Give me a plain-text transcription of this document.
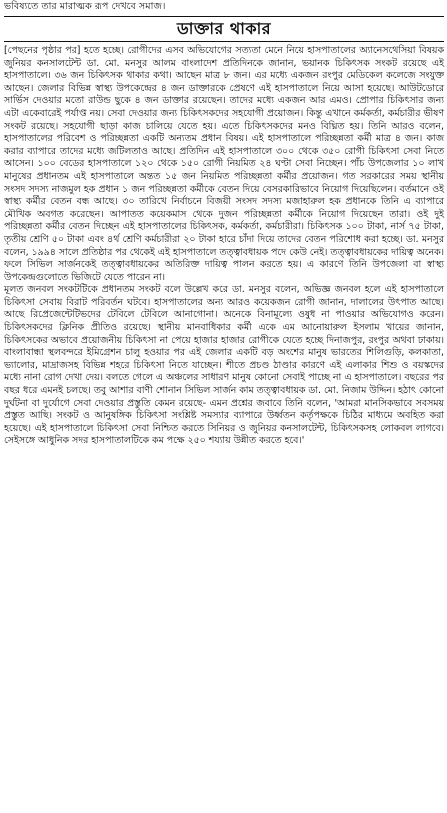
ভবিষ্যতে তার মারাত্মক রূপ দেখবে সমাজ।
ডাক্তার থাকার

[পেছনের পৃষ্ঠার পর] হতে হচ্ছে। রোগীদের এসব অভিযোগের সত্যতা মেনে নিয়ে হাসপাতালের অ্যানেসথেসিয়া বিষয়ক জুনিয়র কনসালটেন্ট ডা. মো. মনসুর আলম বাংলাদেশ প্রতিদিনকে জানান, ভয়ানক চিকিৎসক সংকট রয়েছে এই হাসপাতালে। ৩৬ জন চিকিৎসক থাকার কথা। আছেন মাত্র ৮ জন। এর মধ্যে একজন রংপুর মেডিকেল কলেজে সংযুক্ত আছেন। জেলার বিভিন্ন স্বাস্থ্য উপকেন্দ্রের ৪ জন ডাক্তারকে প্রেষণে এই হাসপাতালে নিয়ে আসা হয়েছে। আউটডোরে সার্ভিস দেওয়ার মতো রাউন্ড ছুকে ৪ জন ডাক্তার রয়েছেন। তাদের মধ্যে একজন আর এমও। প্রোপার চিকিৎসার জন্য এটা একেবারেই পর্যাপ্ত নয়। সেবা দেওয়ার জন্য চিকিৎসকদের সহযোগী প্রয়োজন। কিন্তু এখানে কর্মকর্তা, কর্মচারীর ভীষণ সংকট রয়েছে। সহযোগী ছাড়া কাজ চালিয়ে যেতে হয়। এতে চিকিৎসকদের মনও বিঘ্নিত হয়। তিনি আরও বলেন, হাসপাতালের পরিবেশ ও পরিচ্ছন্নতা একটি অন্যতম প্রধান বিষয়। এই হাসপাতালে পরিচ্ছন্নতা কর্মী মাত্র ৪ জন। কাজ করার ব্যাপারে তাদের মধ্যে জটিলতাও আছে। প্রতিদিন এই হাসপাতালে ৩০০ থেকে ৩৫০ রোগী চিকিৎসা সেবা নিতে আসেন। ১০০ বেডের হাসপাতালে ১২০ থেকে ১৫০ রোগী নিয়মিত ২৪ ঘণ্টা সেবা নিচ্ছেন। পাঁচ উপজেলার ১০ লাখ মানুষের প্রধানতম এই হাসপাতালে অন্তত ১৫ জন নিয়মিত পরিচ্ছন্নতা কর্মীর প্রয়োজন। গত সরকারের সময় স্থানীয় সংসদ সদস্য নাজমুল হক প্রধান ১ জন পরিচ্ছন্নতা কর্মীকে বেতন দিয়ে বেসরকারিভাবে নিয়োগ দিয়েছিলেন। বর্তমানে ওই স্বাস্থ্য কর্মীর বেতন বন্ধ আছে। ৩০ তারিখে নির্বাচনে বিজয়ী সংসদ সদস্য মজাহারুল হক প্রধানকে তিনি এ ব্যাপারে মৌখিক অবগত করেছেন। আপাতত কয়েকমাস থেকে দুজন পরিচ্ছন্নতা কর্মীকে নিয়োগ দিয়েছেন তারা। ওই দুই পরিচ্ছন্নতা কর্মীর বেতন দিচ্ছেন এই হাসপাতালের চিকিৎসক, কর্মকর্তা, কর্মচারীরা। চিকিৎসক ১০০ টাকা, নার্স ৭৫ টাকা, তৃতীয় শ্রেণি ৫০ টাকা এবং ৪র্থ শ্রেণি কর্মচারীরা ২০ টাকা হারে চাঁদা দিয়ে তাদের বেতন পরিশোধ করা হচ্ছে। ডা. মনসুর বলেন, ১৯৯৪ সালে প্রতিষ্ঠার পর থেকেই এই হাসপাতালে তত্ত্বাবধায়ক পদে কেউ নেই। তত্ত্বাবধায়কের দায়িত্ব অনেক। ফলে সিভিল সার্জনকেই তত্ত্বাবধায়কের অতিরিক্ত দায়িত্ব পালন করতে হয়। এ কারণে তিনি উপজেলা বা স্বাস্থ্য উপকেন্দ্রগুলোতে ভিজিটে যেতে পারেন না।

মূলত জনবল সংকটটিকে প্রধানতম সংকট বলে উল্লেখ করে ডা. মনসুর বলেন, অভিজ্ঞ জনবল হলে এই হাসপাতালে চিকিৎসা সেবায় বিরাট পরিবর্তন ঘটবে। হাসপাতালের অন্য আরও কয়েকজন রোগী জানান, দালালের উৎপাত আছে। আছে রিপ্রেজেন্টেটিভদের টেবিলে টেবিলে আনাগোনা। অনেকে বিনামূল্যে ওষুধ না পাওয়ার অভিযোগও করেন। চিকিৎসকদের ক্লিনিক প্রীতিও রয়েছে। স্থানীয় মানবাধিকার কর্মী একে এম আনোয়ারুল ইসলাম খায়ের জানান, চিকিৎসকের অভাবে প্রয়োজনীয় চিকিৎসা না পেয়ে হাজার হাজার রোগীকে যেতে হচ্ছে দিনাজপুর, রংপুর অথবা ঢাকায়। বাংলাবান্ধা স্থলবন্দরে ইমিগ্রেশন চালু হওয়ার পর এই জেলার একটি বড় অংশের মানুষ ভারতের শিলিগুড়ি, কলকাতা, ভ্যালোর, মাদ্রাজসহ বিভিন্ন শহরে চিকিৎসা নিতে যাচ্ছেন। শীতে প্রচণ্ড ঠাণ্ডার কারণে এই এলাকার শিশু ও বয়স্কদের মধ্যে নানা রোগ দেখা দেয়। বলতে গেলে এ অঞ্চলের সাধারণ মানুষ কোনো সেবাই পাচ্ছে না এ হাসপাতালে। বছরের পর বছর ধরে এমনই চলছে। তবু আশার বাণী শোনান সিভিল সার্জন কাম তত্ত্বাবধায়ক ডা. মো. নিজাম উদ্দিন। হঠাৎ কোনো দুর্ঘটনা বা দুর্যোগে সেবা দেওয়ার প্রস্তুতি কেমন রয়েছে- এমন প্রশ্নের জবাবে তিনি বলেন, 'আমরা মানসিকভাবে সবসময় প্রস্তুত আছি। সংকট ও আনুষঙ্গিক চিকিৎসা সংশ্লিষ্ট সমস্যার ব্যাপারে উর্ধ্বতন কর্তৃপক্ষকে চিঠির মাধ্যমে অবহিত করা হয়েছে। এই হাসপাতালে চিকিৎসা সেবা নিশ্চিত করতে সিনিয়র ও জুনিয়র কনসালটেন্ট, চিকিৎসকসহ লোকবল লাগবে। সেইসঙ্গে আধুনিক সদর হাসপাতালটিকে কম পক্ষে ২৫০ শয্যায় উন্নীত করতে হবে।'
